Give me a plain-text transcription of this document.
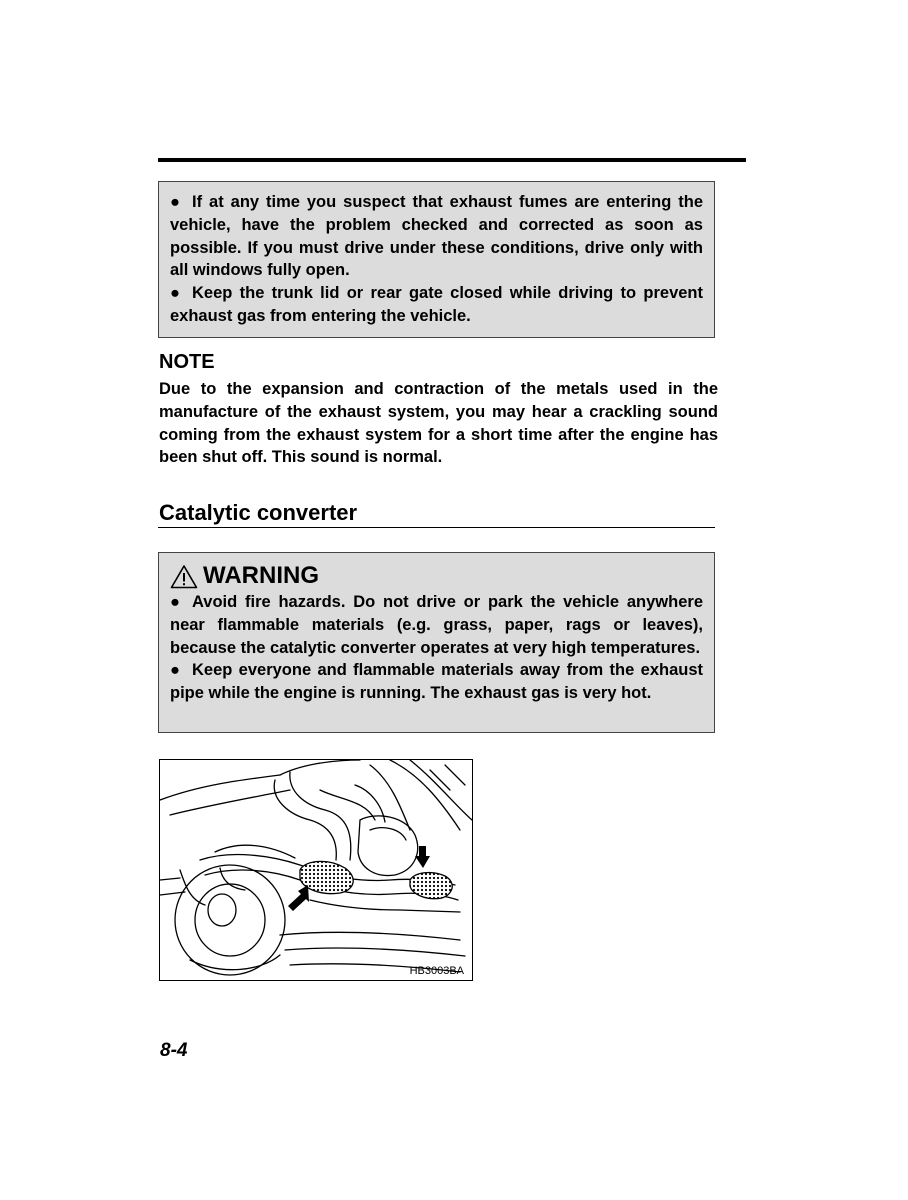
● If at any time you suspect that exhaust fumes are entering the vehicle, have the problem checked and corrected as soon as possible. If you must drive under these conditions, drive only with all windows fully open.

● Keep the trunk lid or rear gate closed while driving to prevent exhaust gas from entering the vehicle.

NOTE

Due to the expansion and contraction of the metals used in the manufacture of the exhaust system, you may hear a crackling sound coming from the exhaust system for a short time after the engine has been shut off. This sound is normal.

Catalytic converter
WARNING

● Avoid fire hazards. Do not drive or park the vehicle anywhere near flammable materials (e.g. grass, paper, rags or leaves), because the catalytic converter operates at very high temperatures.

● Keep everyone and flammable materials away from the exhaust pipe while the engine is running. The exhaust gas is very hot.

HB3003BA
8-4
